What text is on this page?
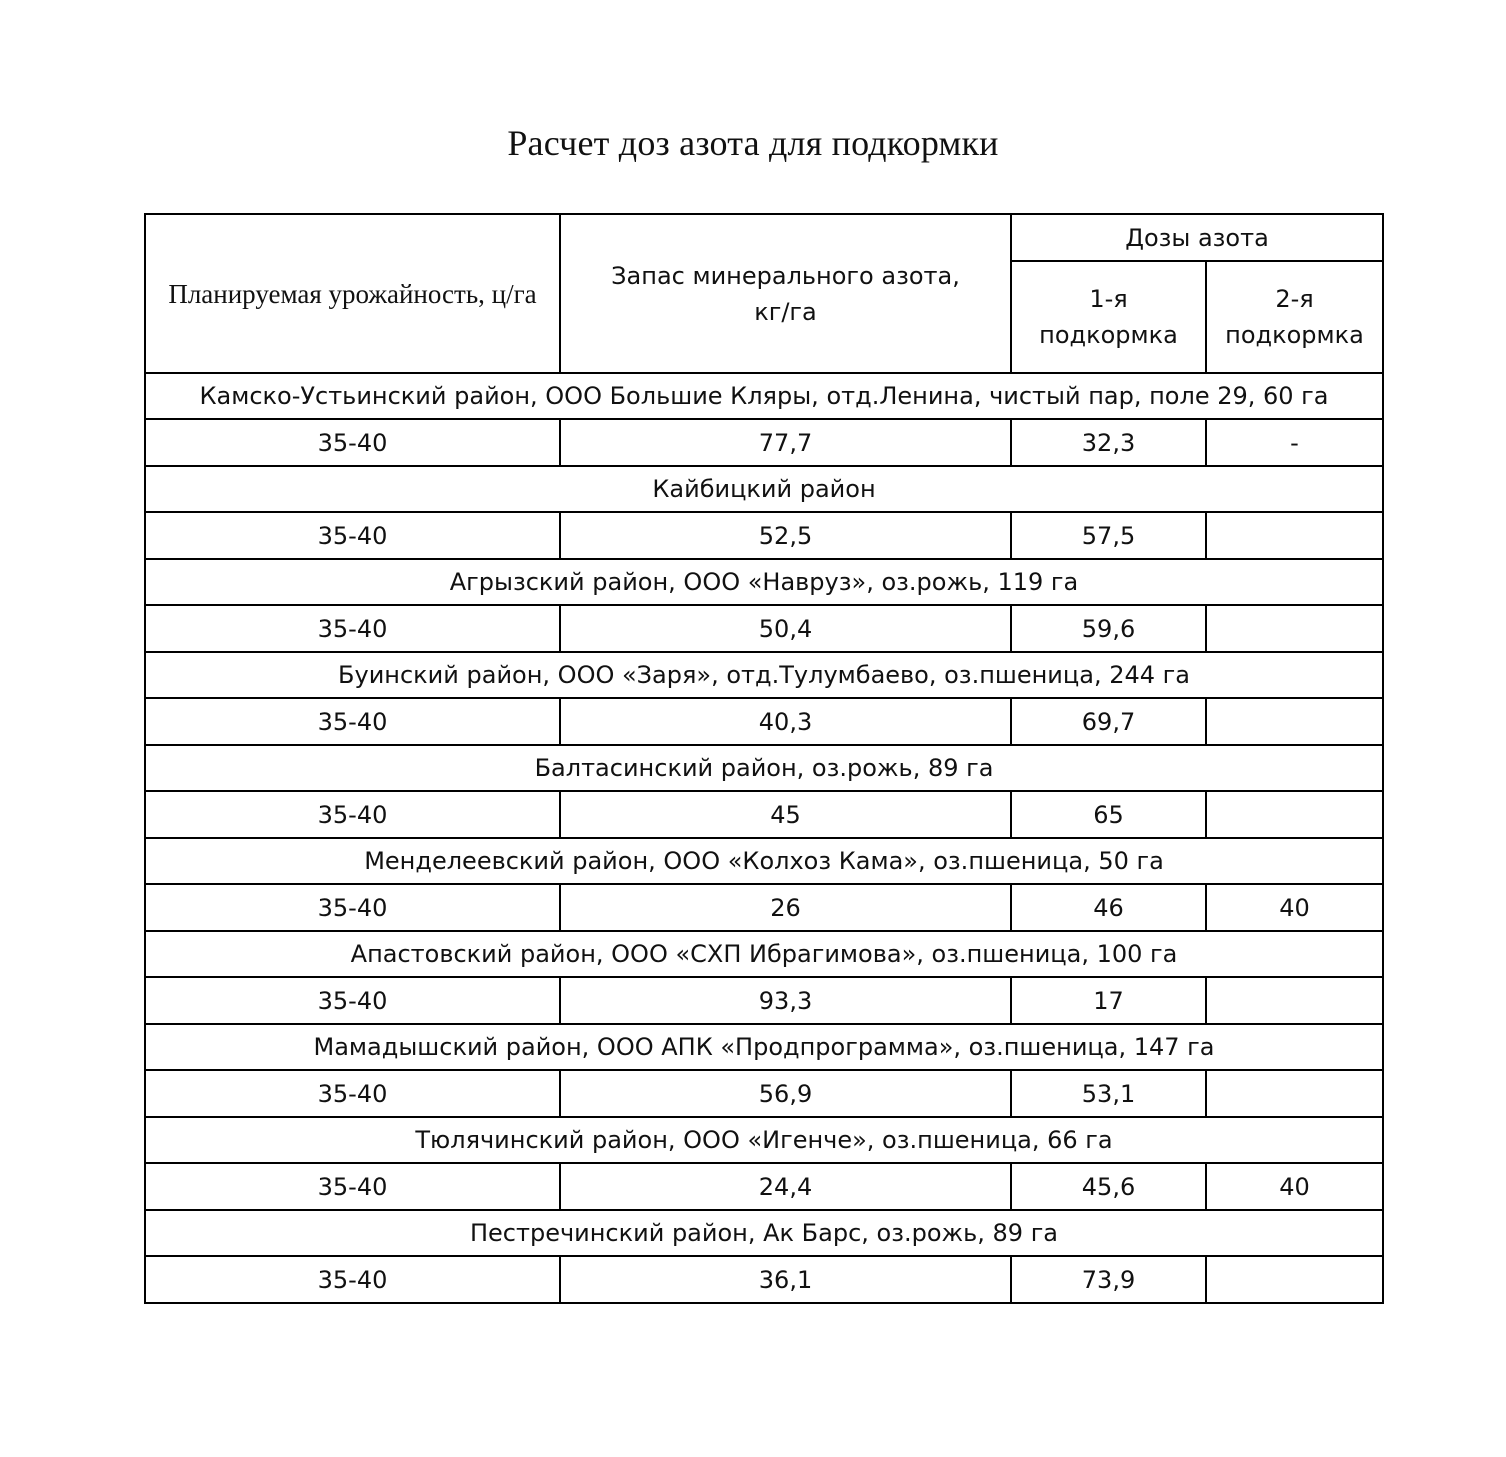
Расчет доз азота для подкормки
Планируемая урожайность, ц/га	Запас минерального азота, кг/га	Дозы азота	
		1-я подкормка	2-я подкормка
Камско-Устьинский район, ООО Большие Кляры, отд.Ленина, чистый пар, поле 29, 60 га			
35-40	77,7	32,3	-
Кайбицкий район			
35-40	52,5	57,5	
Агрызский район, ООО «Навруз», оз.рожь, 119 га			
35-40	50,4	59,6	
Буинский район, ООО «Заря», отд.Тулумбаево, оз.пшеница, 244 га			
35-40	40,3	69,7	
Балтасинский район, оз.рожь, 89 га			
35-40	45	65	
Менделеевский район, ООО «Колхоз Кама», оз.пшеница, 50 га			
35-40	26	46	40
Апастовский район, ООО «СХП Ибрагимова», оз.пшеница, 100 га			
35-40	93,3	17	
Мамадышский район, ООО АПК «Продпрограмма», оз.пшеница, 147 га			
35-40	56,9	53,1	
Тюлячинский район, ООО «Игенче», оз.пшеница, 66 га			
35-40	24,4	45,6	40
Пестречинский район, Ак Барс, оз.рожь, 89 га			
35-40	36,1	73,9	
